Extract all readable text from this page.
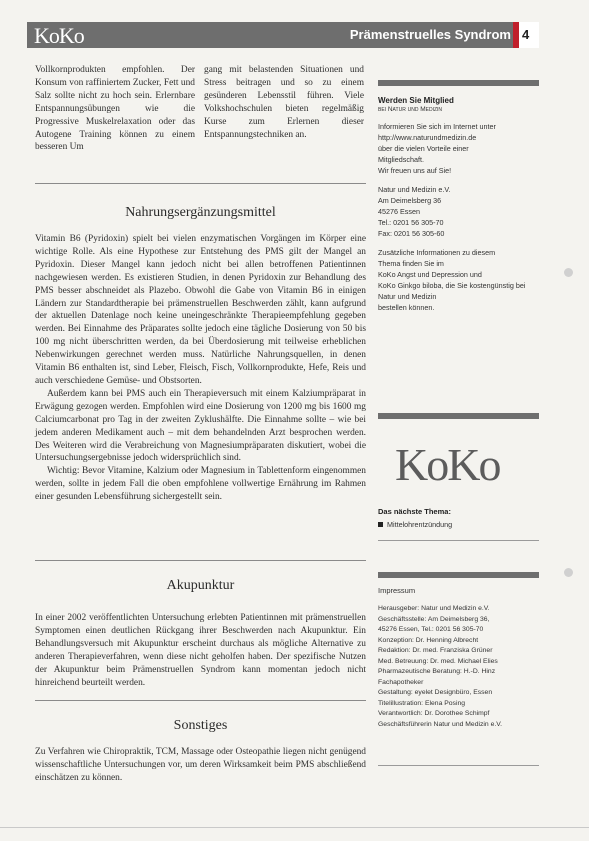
KoKo	Prämenstruelles Syndrom 4

Vollkornprodukten empfohlen. Der Konsum von raffiniertem Zucker, Fett und Salz sollte nicht zu hoch sein. Erlernbare Entspannungsübungen wie die Progressive Muskelrelaxation oder das Autogene Training können zu einem besseren Um

gang mit belastenden Situationen und Stress beitragen und so zu einem gesünderen Lebensstil führen. Viele Volkshochschulen bieten regelmäßig Kurse zum Erlernen dieser Entspannungstechniken an.

Nahrungsergänzungsmittel

Vitamin B6 (Pyridoxin) spielt bei vielen enzymatischen Vorgängen im Körper eine wichtige Rolle. Als eine Hypothese zur Entstehung des PMS gilt der Mangel an Pyridoxin. Dieser Mangel kann jedoch nicht bei allen betroffenen Patientinnen nachgewiesen werden. Es existieren Studien, in denen Pyridoxin zur Behandlung des PMS besser abschneidet als Plazebo. Obwohl die Gabe von Vitamin B6 in einigen Ländern zur Standardtherapie bei prämenstruellen Beschwerden zählt, kann aufgrund der aktuellen Datenlage noch keine uneingeschränkte Therapieempfehlung gegeben werden. Bei Einnahme des Präparates sollte jedoch eine tägliche Dosierung von 50 bis 100 mg nicht überschritten werden, da bei Überdosierung mit teilweise erheblichen Nebenwirkungen gerechnet werden muss. Natürliche Nahrungsquellen, in denen Vitamin B6 enthalten ist, sind Leber, Fleisch, Fisch, Vollkornprodukte, Hefe, Reis und auch verschiedene Gemüse- und Obstsorten.

Außerdem kann bei PMS auch ein Therapieversuch mit einem Kalziumpräparat in Erwägung gezogen werden. Empfohlen wird eine Dosierung von 1200 mg bis 1600 mg Calciumcarbonat pro Tag in der zweiten Zyklushälfte. Die Einnahme sollte – wie bei jedem anderen Medikament auch – mit dem behandelnden Arzt besprochen werden. Des Weiteren wird die Verabreichung von Magnesiumpräparaten diskutiert, wobei die Untersuchungsergebnisse jedoch widersprüchlich sind.

Wichtig: Bevor Vitamine, Kalzium oder Magnesium in Tablettenform eingenommen werden, sollte in jedem Fall die oben empfohlene vollwertige Ernährung im Rahmen einer gesunden Lebensführung sichergestellt sein.

Akupunktur

In einer 2002 veröffentlichten Untersuchung erlebten Patientinnen mit prämenstruellen Symptomen einen deutlichen Rückgang ihrer Beschwerden nach Akupunktur. Ein Behandlungsversuch mit Akupunktur erscheint durchaus als mögliche Alternative zu anderen Therapieverfahren, wenn diese nicht geholfen haben. Der spezifische Nutzen der Akupunktur beim Prämenstruellen Syndrom kann momentan jedoch nicht hinreichend beurteilt werden.

Sonstiges

Zu Verfahren wie Chiropraktik, TCM, Massage oder Osteopathie liegen nicht genügend wissenschaftliche Untersuchungen vor, um deren Wirksamkeit beim PMS abschließend einschätzen zu können.

Werden Sie Mitglied
bei Natur und Medizin
Informieren Sie sich im Internet unter
http://www.naturundmedizin.de
über die vielen Vorteile einer
Mitgliedschaft.
Wir freuen uns auf Sie!
Natur und Medizin e.V.
Am Deimelsberg 36
45276 Essen
Tel.: 0201 56 305-70
Fax: 0201 56 305-60
Zusätzliche Informationen zu diesem
Thema finden Sie im
KoKo Angst und Depression und
KoKo Ginkgo biloba, die Sie kostengünstig bei Natur und Medizin
bestellen können.
KoKo
Das nächste Thema:
Mittelohrentzündung
Impressum
Herausgeber: Natur und Medizin e.V.
Geschäftsstelle: Am Deimelsberg 36,
45276 Essen, Tel.: 0201 56 305-70
Konzeption: Dr. Henning Albrecht
Redaktion: Dr. med. Franziska Grüner
Med. Betreuung: Dr. med. Michael Elies
Pharmazeutische Beratung: H.-D. Hinz
Fachapotheker
Gestaltung: eyelet Designbüro, Essen
Titelillustration: Elena Posing
Verantwortlich: Dr. Dorothee Schimpf
Geschäftsführerin Natur und Medizin e.V.
